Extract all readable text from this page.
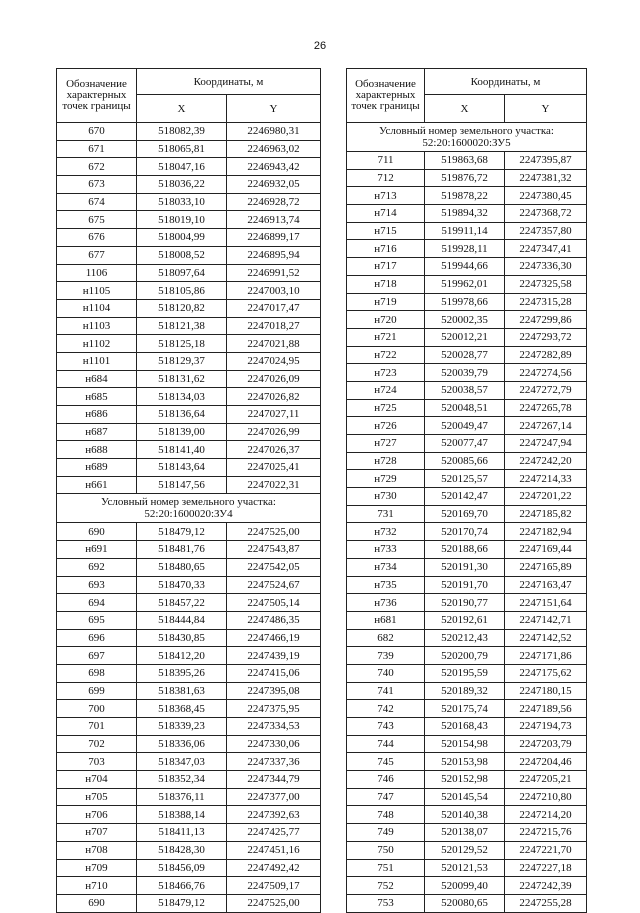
26
Обозначение характерных точек границы	Координаты, м	
	X	Y
670	518082,39	2246980,31
671	518065,81	2246963,02
672	518047,16	2246943,42
673	518036,22	2246932,05
674	518033,10	2246928,72
675	518019,10	2246913,74
676	518004,99	2246899,17
677	518008,52	2246895,94
1106	518097,64	2246991,52
н1105	518105,86	2247003,10
н1104	518120,82	2247017,47
н1103	518121,38	2247018,27
н1102	518125,18	2247021,88
н1101	518129,37	2247024,95
н684	518131,62	2247026,09
н685	518134,03	2247026,82
н686	518136,64	2247027,11
н687	518139,00	2247026,99
н688	518141,40	2247026,37
н689	518143,64	2247025,41
н661	518147,56	2247022,31
Условный номер земельного участка: 52:20:1600020:ЗУ4		
690	518479,12	2247525,00
н691	518481,76	2247543,87
692	518480,65	2247542,05
693	518470,33	2247524,67
694	518457,22	2247505,14
695	518444,84	2247486,35
696	518430,85	2247466,19
697	518412,20	2247439,19
698	518395,26	2247415,06
699	518381,63	2247395,08
700	518368,45	2247375,95
701	518339,23	2247334,53
702	518336,06	2247330,06
703	518347,03	2247337,36
н704	518352,34	2247344,79
н705	518376,11	2247377,00
н706	518388,14	2247392,63
н707	518411,13	2247425,77
н708	518428,30	2247451,16
н709	518456,09	2247492,42
н710	518466,76	2247509,17
690	518479,12	2247525,00
Обозначение характерных точек границы	Координаты, м	
	X	Y
Условный номер земельного участка: 52:20:1600020:ЗУ5		
711	519863,68	2247395,87
712	519876,72	2247381,32
н713	519878,22	2247380,45
н714	519894,32	2247368,72
н715	519911,14	2247357,80
н716	519928,11	2247347,41
н717	519944,66	2247336,30
н718	519962,01	2247325,58
н719	519978,66	2247315,28
н720	520002,35	2247299,86
н721	520012,21	2247293,72
н722	520028,77	2247282,89
н723	520039,79	2247274,56
н724	520038,57	2247272,79
н725	520048,51	2247265,78
н726	520049,47	2247267,14
н727	520077,47	2247247,94
н728	520085,66	2247242,20
н729	520125,57	2247214,33
н730	520142,47	2247201,22
731	520169,70	2247185,82
н732	520170,74	2247182,94
н733	520188,66	2247169,44
н734	520191,30	2247165,89
н735	520191,70	2247163,47
н736	520190,77	2247151,64
н681	520192,61	2247142,71
682	520212,43	2247142,52
739	520200,79	2247171,86
740	520195,59	2247175,62
741	520189,32	2247180,15
742	520175,74	2247189,56
743	520168,43	2247194,73
744	520154,98	2247203,79
745	520153,98	2247204,46
746	520152,98	2247205,21
747	520145,54	2247210,80
748	520140,38	2247214,20
749	520138,07	2247215,76
750	520129,52	2247221,70
751	520121,53	2247227,18
752	520099,40	2247242,39
753	520080,65	2247255,28
